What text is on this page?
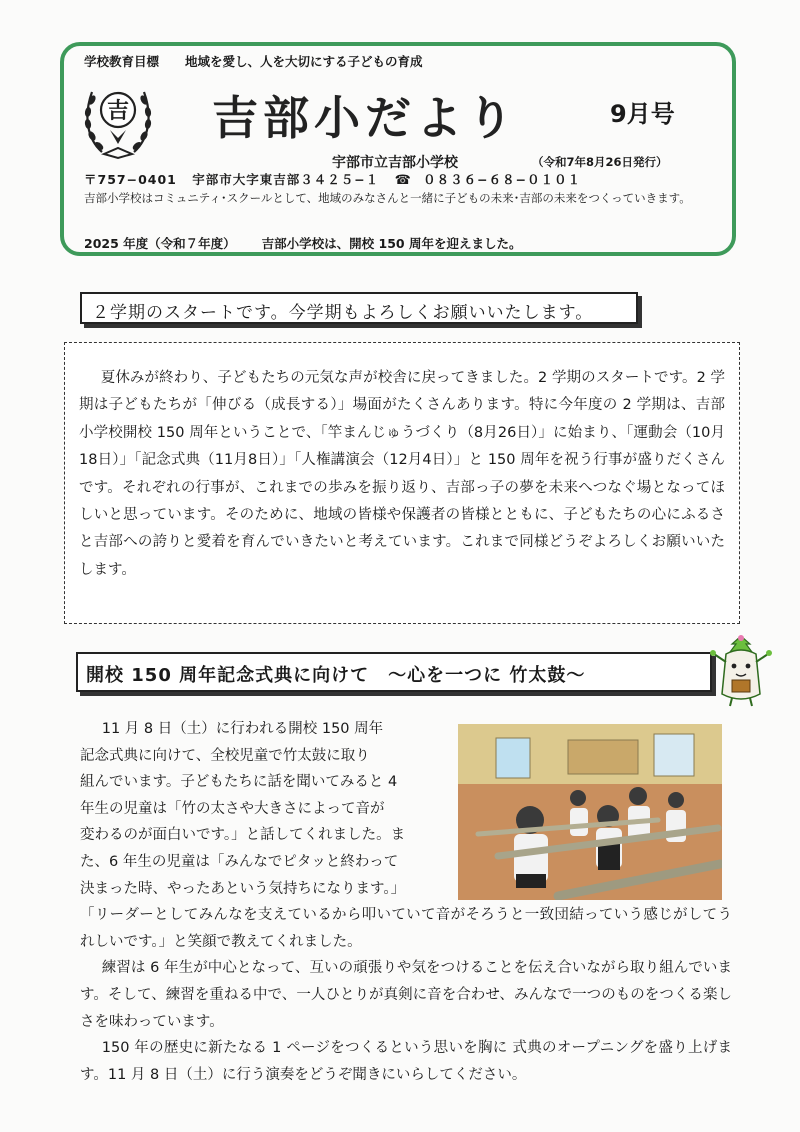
学校教育目標 地域を愛し、人を大切にする子どもの育成
吉 吉部小だより	9月号
宇部市立吉部小学校	（令和7年8月26日発行）
〒757−0401 宇部市大字東吉部３４２５−１ ☎ ０８３６−６８−０１０１
吉部小学校はコミュニティ･スクールとして、地域のみなさんと一緒に子どもの未来･吉部の未来をつくっていきます。
2025 年度（令和７年度） 吉部小学校は、開校 150 周年を迎えました。
２学期のスタートです。今学期もよろしくお願いいたします。
夏休みが終わり、子どもたちの元気な声が校舎に戻ってきました。2 学期のスタートです。2 学期は子どもたちが「伸びる（成長する）」場面がたくさんあります。特に今年度の 2 学期は、吉部小学校開校 150 周年ということで、「竿まんじゅうづくり（8月26日）」に始まり、「運動会（10月18日）」「記念式典（11月8日）」「人権講演会（12月4日）」と 150 周年を祝う行事が盛りだくさんです。それぞれの行事が、これまでの歩みを振り返り、吉部っ子の夢を未来へつなぐ場となってほしいと思っています。そのために、地域の皆様や保護者の皆様とともに、子どもたちの心にふるさと吉部への誇りと愛着を育んでいきたいと考えています。これまで同様どうぞよろしくお願いいたします。
開校 150 周年記念式典に向けて　～心を一つに 竹太鼓～
11 月 8 日（土）に行われる開校 150 周年
記念式典に向けて、全校児童で竹太鼓に取り
組んでいます。子どもたちに話を聞いてみると 4
年生の児童は「竹の太さや大きさによって音が
変わるのが面白いです。」と話してくれました。ま
た、6 年生の児童は「みんなでピタッと終わって
決まった時、やったあという気持ちになります。」

「リーダーとしてみんなを支えているから叩いていて音がそろうと一致団結っていう感じがしてうれしいです。」と笑顔で教えてくれました。

練習は 6 年生が中心となって、互いの頑張りや気をつけることを伝え合いながら取り組んでいます。そして、練習を重ねる中で、一人ひとりが真剣に音を合わせ、みんなで一つのものをつくる楽しさを味わっています。

150 年の歴史に新たなる 1 ページをつくるという思いを胸に 式典のオープニングを盛り上げます。11 月 8 日（土）に行う演奏をどうぞ聞きにいらしてください。
